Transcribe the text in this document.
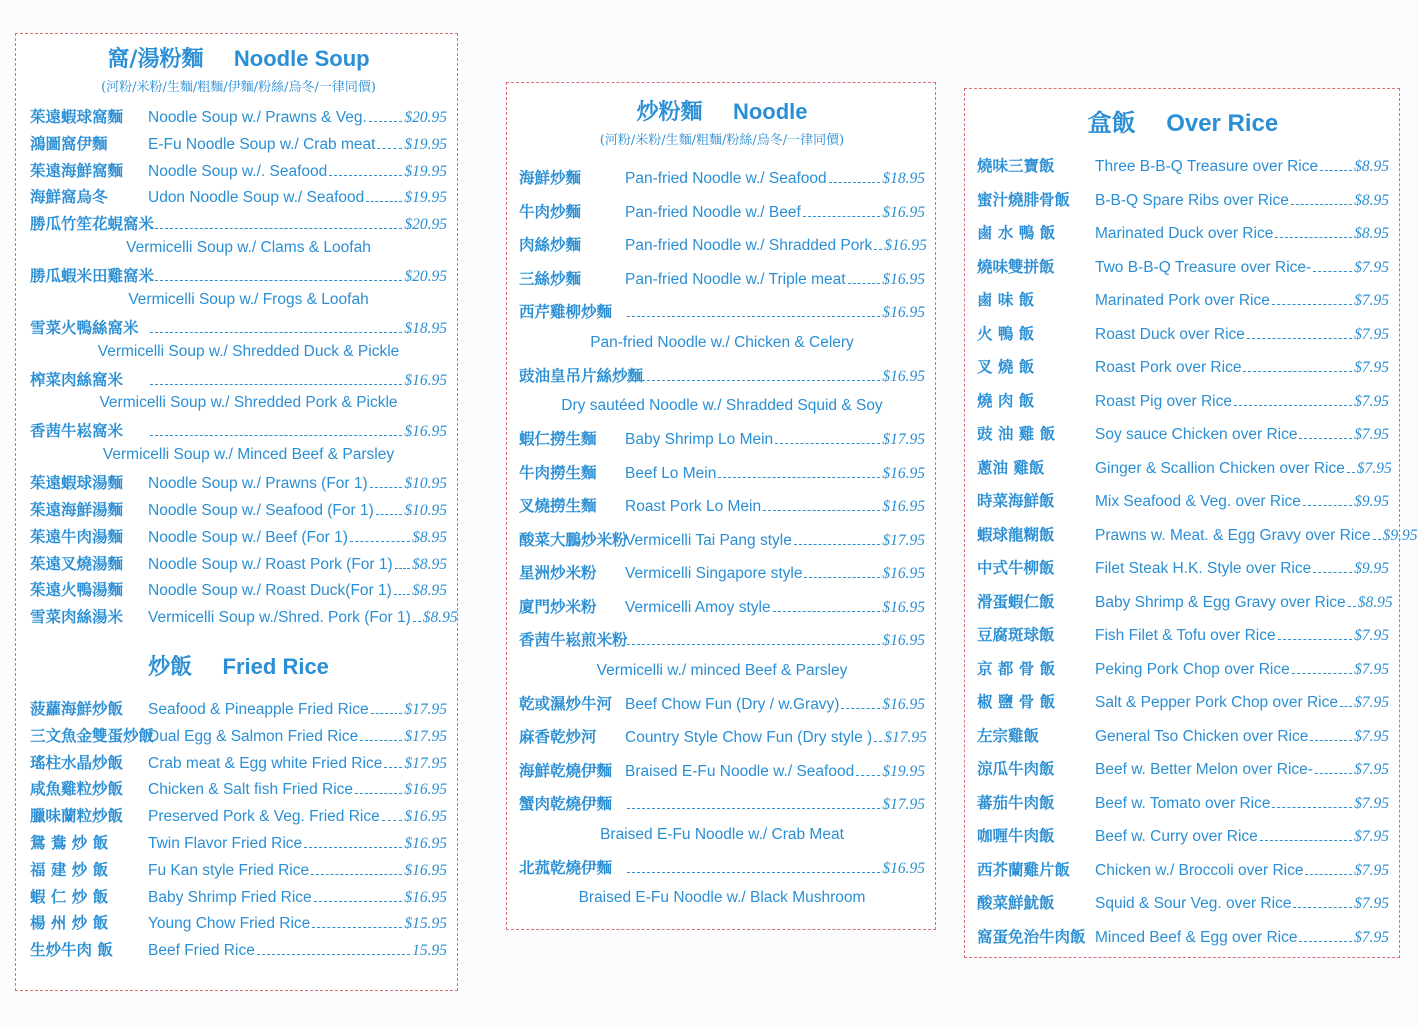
窩/湯粉麵 Noodle Soup
(河粉/米粉/生麵/粗麵/伊麵/粉絲/烏冬/一律同價)
茱遠蝦球窩麵	Noodle Soup w./ Prawns & Veg. $20.95
鴻圖窩伊麵	E-Fu Noodle Soup w./ Crab meat $19.95
茱遠海鮮窩麵	Noodle Soup w./. Seafood	$19.95
海鮮窩烏冬	Udon Noodle Soup w./ Seafood	$19.95
勝瓜竹笙花蜆窩米	$20.95
Vermicelli Soup w./ Clams & Loofah
勝瓜蝦米田雞窩米	$20.95
Vermicelli Soup w./ Frogs & Loofah
雪菜火鴨絲窩米	$18.95
Vermicelli Soup w./ Shredded Duck & Pickle
榨菜肉絲窩米	$16.95
Vermicelli Soup w./ Shredded Pork & Pickle
香茜牛崧窩米	$16.95
Vermicelli Soup w./ Minced Beef & Parsley
茱遠蝦球湯麵	Noodle Soup w./ Prawns (For 1) $10.95
茱遠海鮮湯麵	Noodle Soup w./ Seafood (For 1) $10.95
茱遠牛肉湯麵	Noodle Soup w./ Beef (For 1)	$8.95
茱遠叉燒湯麵	Noodle Soup w./ Roast Pork (For 1) $8.95
茱遠火鴨湯麵	Noodle Soup w./ Roast Duck(For 1) $8.95
雪菜肉絲湯米	Vermicelli Soup w./Shred. Pork (For 1) $8.95
炒飯 Fried Rice
菠蘿海鮮炒飯	Seafood & Pineapple Fried Rice $17.95
三文魚金雙蛋炒飯
Dual Egg & Salmon Fried Rice	$17.95
瑤柱水晶炒飯	Crab meat & Egg white Fried Rice $17.95
咸魚雞粒炒飯	Chicken & Salt fish Fried Rice	$16.95
臘味蘭粒炒飯	Preserved Pork & Veg. Fried Rice $16.95
鴛 鴦 炒 飯	Twin Flavor Fried Rice	$16.95
福 建 炒 飯	Fu Kan style Fried Rice	$16.95
蝦 仁 炒 飯	Baby Shrimp Fried Rice	$16.95
楊 州 炒 飯	Young Chow Fried Rice	$15.95
生炒牛肉 飯	Beef Fried Rice	15.95
炒粉麵 Noodle
(河粉/米粉/生麵/粗麵/粉絲/烏冬/一律同價)
海鮮炒麵	Pan-fried Noodle w./ Seafood	$18.95
牛肉炒麵	Pan-fried Noodle w./ Beef	$16.95
肉絲炒麵	Pan-fried Noodle w./ Shradded Pork $16.95
三絲炒麵	Pan-fried Noodle w./ Triple meat $16.95
西芹雞柳炒麵	$16.95
Pan-fried Noodle w./ Chicken & Celery
豉油皇吊片絲炒麵	$16.95
Dry sautéed Noodle w./ Shradded Squid & Soy
蝦仁撈生麵	Baby Shrimp Lo Mein	$17.95
牛肉撈生麵	Beef Lo Mein	$16.95
叉燒撈生麵	Roast Pork Lo Mein	$16.95
酸菜大鵬炒米粉
Vermicelli Tai Pang style	$17.95
星洲炒米粉	Vermicelli Singapore style	$16.95
廈門炒米粉	Vermicelli Amoy style	$16.95
香茜牛崧煎米粉	$16.95
Vermicelli w./ minced Beef & Parsley
乾或濕炒牛河 Beef Chow Fun (Dry / w.Gravy)	$16.95
麻香乾炒河	Country Style Chow Fun (Dry style ) $17.95
海鮮乾燒伊麵 Braised E-Fu Noodle w./ Seafood $19.95
蟹肉乾燒伊麵	$17.95
Braised E-Fu Noodle w./ Crab Meat
北菰乾燒伊麵	$16.95
Braised E-Fu Noodle w./ Black Mushroom
盒飯 Over Rice
燒味三寶飯	Three B-B-Q Treasure over Rice $8.95
蜜汁燒腓骨飯	B-B-Q Spare Ribs over Rice	$8.95
鹵 水 鴨 飯	Marinated Duck over Rice	$8.95
燒味雙拼飯	Two B-B-Q Treasure over Rice-	$7.95
鹵 味 飯	Marinated Pork over Rice	$7.95
火 鴨 飯	Roast Duck over Rice	$7.95
叉 燒 飯	Roast Pork over Rice	$7.95
燒 肉 飯	Roast Pig over Rice	$7.95
豉 油 雞 飯	Soy sauce Chicken over Rice	$7.95
蔥油 雞飯	Ginger & Scallion Chicken over Rice $7.95
時菜海鮮飯	Mix Seafood & Veg. over Rice	$9.95
蝦球龍糊飯	Prawns w. Meat. & Egg Gravy over Rice $9.95
中式牛柳飯	Filet Steak H.K. Style over Rice	$9.95
滑蛋蝦仁飯	Baby Shrimp & Egg Gravy over Rice $8.95
豆腐斑球飯	Fish Filet & Tofu over Rice	$7.95
京 都 骨 飯	Peking Pork Chop over Rice	$7.95
椒 鹽 骨 飯	Salt & Pepper Pork Chop over Rice $7.95
左宗雞飯	General Tso Chicken over Rice	$7.95
涼瓜牛肉飯	Beef w. Better Melon over Rice-	$7.95
蕃茄牛肉飯	Beef w. Tomato over Rice	$7.95
咖喱牛肉飯	Beef w. Curry over Rice	$7.95
西芥蘭雞片飯	Chicken w./ Broccoli over Rice	$7.95
酸菜鮮魷飯	Squid & Sour Veg. over Rice	$7.95
窩蛋免治牛肉飯 Minced Beef & Egg over Rice	$7.95
